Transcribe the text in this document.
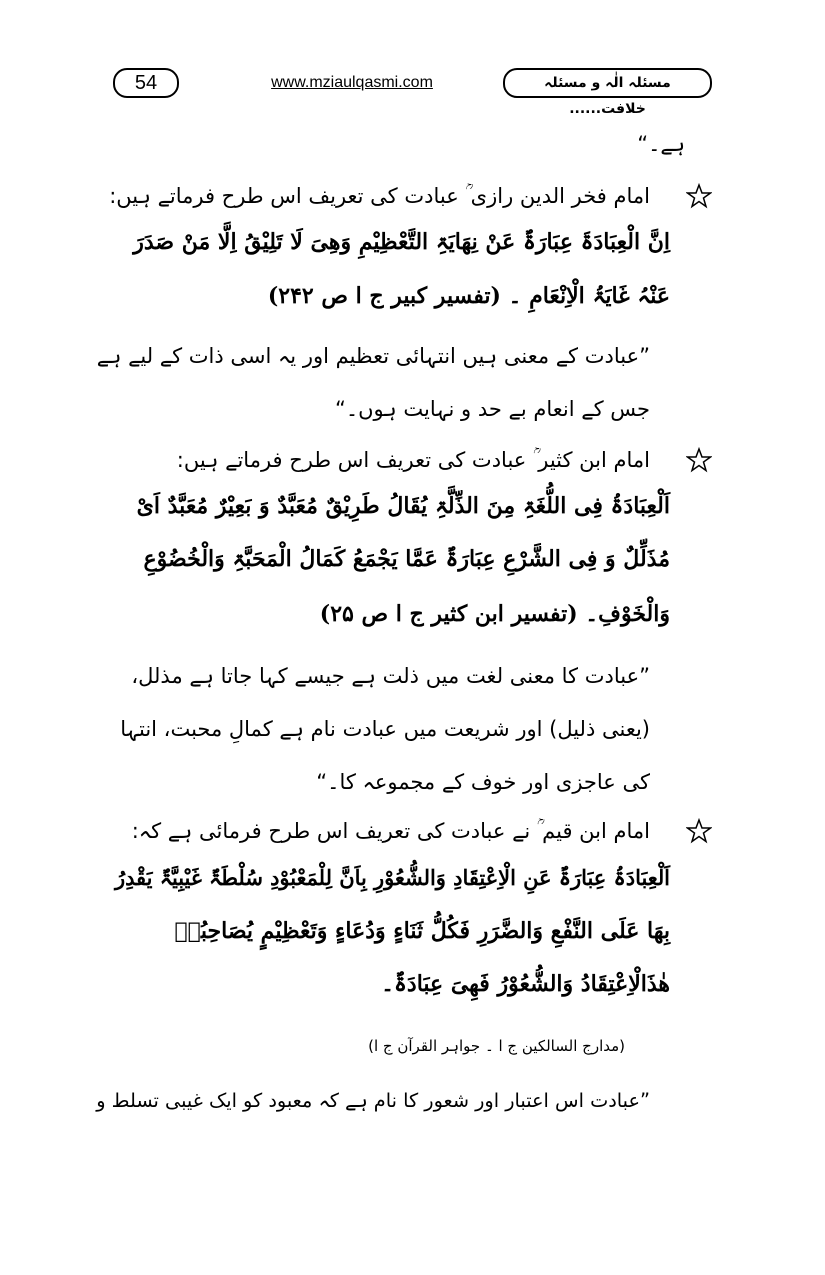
54	www.mziaulqasmi.com	مسئلہ الٰہ و مسئلہ خلافت......
ہے۔“
امام فخر الدین رازی ؒ عبادت کی تعریف اس طرح فرماتے ہیں:
اِنَّ الْعِبَادَۃَ عِبَارَۃٌ عَنْ نِھَایَۃِ التَّعْظِیْمِ وَھِیَ لَا تَلِیْقُ اِلَّا مَنْ صَدَرَ
عَنْہُ غَایَۃُ الْاِنْعَامِ ۔ (تفسیر کبیر ج ا ص ۲۴۲)
”عبادت کے معنی ہیں انتہائی تعظیم اور یہ اسی ذات کے لیے ہے
جس کے انعام بے حد و نہایت ہوں۔“
امام ابن کثیر ؒ عبادت کی تعریف اس طرح فرماتے ہیں:
اَلْعِبَادَۃُ فِی اللُّغَۃِ مِنَ الذِّلَّۃِ یُقَالُ طَرِیْقٌ مُعَبَّدٌ وَ بَعِیْرٌ مُعَبَّدٌ اَیْ
مُذَلِّلٌ وَ فِی الشَّرْعِ عِبَارَۃٌ عَمَّا یَجْمَعُ کَمَالُ الْمَحَبَّۃِ وَالْخُضُوْعِ
وَالْخَوْفِ۔ (تفسیر ابن کثیر ج ا ص ۲۵)
”عبادت کا معنی لغت میں ذلت ہے جیسے کہا جاتا ہے مذلل،
(یعنی ذلیل) اور شریعت میں عبادت نام ہے کمالِ محبت، انتہا
کی عاجزی اور خوف کے مجموعہ کا۔“
امام ابن قیم ؒ نے عبادت کی تعریف اس طرح فرمائی ہے کہ:
اَلْعِبَادَۃُ عِبَارَۃٌ عَنِ الْاِعْتِقَادِ وَالشُّعُوْرِ بِاَنَّ لِلْمَعْبُوْدِ سُلْطَۃٌ غَیْبِیَّۃٌ یَقْدِرُ
بِھَا عَلَی النَّفْعِ وَالضَّرَرِ فَکُلُّ ثَنَاءٍ وَدُعَاءٍ وَتَعْظِیْمٍ یُصَاحِبُہٗ
ھٰذَالْاِعْتِقَادُ وَالشُّعُوْرُ فَھِیَ عِبَادَۃٌ۔
(مدارج السالکین ج ا ۔ جواہر القرآن ج ا)
”عبادت اس اعتبار اور شعور کا نام ہے کہ معبود کو ایک غیبی تسلط و
